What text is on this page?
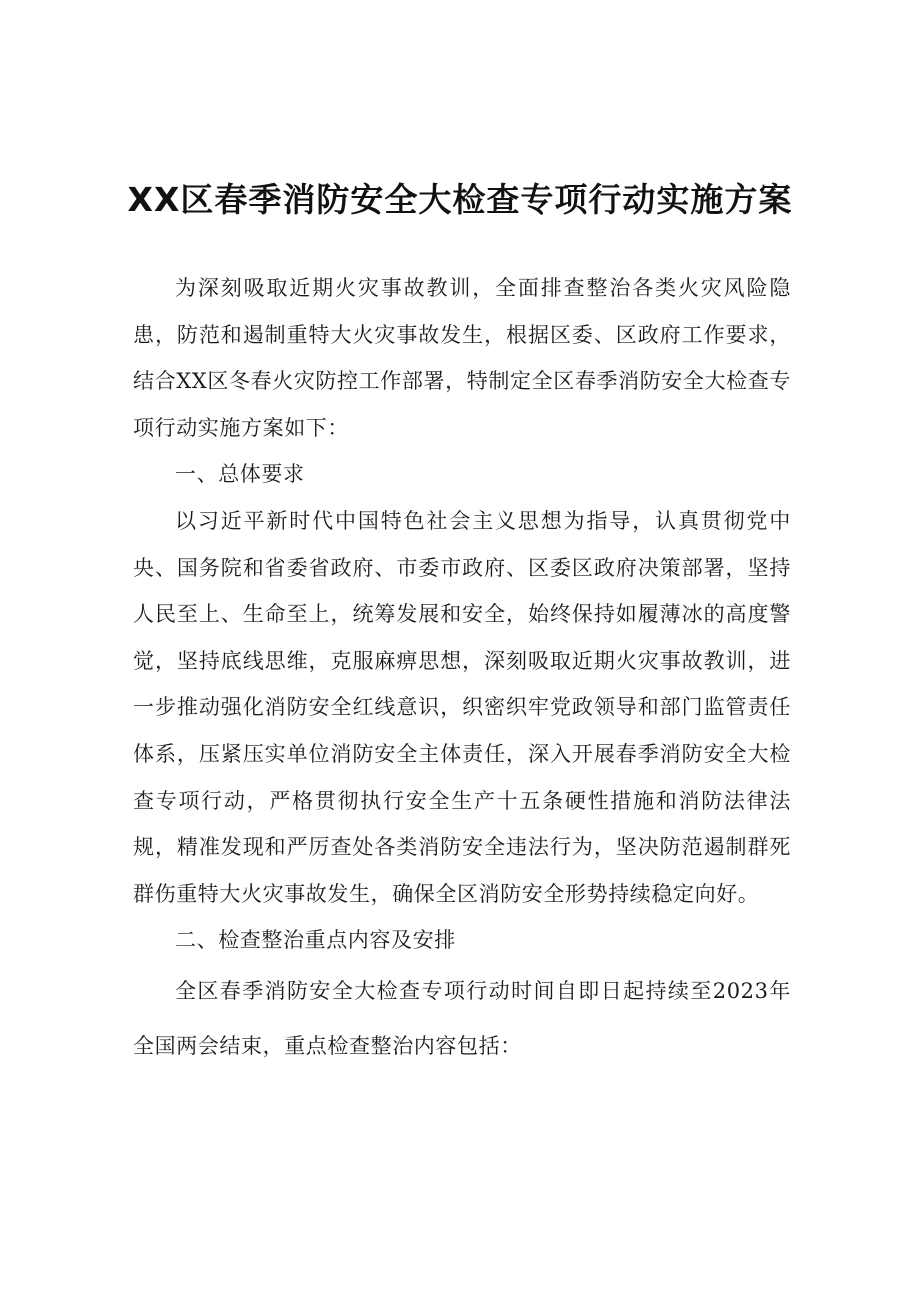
XX区春季消防安全大检查专项行动实施方案

为深刻吸取近期火灾事故教训，全面排查整治各类火灾风险隐患，防范和遏制重特大火灾事故发生，根据区委、区政府工作要求，结合XX区冬春火灾防控工作部署，特制定全区春季消防安全大检查专项行动实施方案如下：

一、总体要求

以习近平新时代中国特色社会主义思想为指导，认真贯彻党中央、国务院和省委省政府、市委市政府、区委区政府决策部署，坚持人民至上、生命至上，统筹发展和安全，始终保持如履薄冰的高度警觉，坚持底线思维，克服麻痹思想，深刻吸取近期火灾事故教训，进一步推动强化消防安全红线意识，织密织牢党政领导和部门监管责任体系，压紧压实单位消防安全主体责任，深入开展春季消防安全大检查专项行动，严格贯彻执行安全生产十五条硬性措施和消防法律法规，精准发现和严厉查处各类消防安全违法行为，坚决防范遏制群死群伤重特大火灾事故发生，确保全区消防安全形势持续稳定向好。

二、检查整治重点内容及安排

全区春季消防安全大检查专项行动时间自即日起持续至2023年全国两会结束，重点检查整治内容包括：
